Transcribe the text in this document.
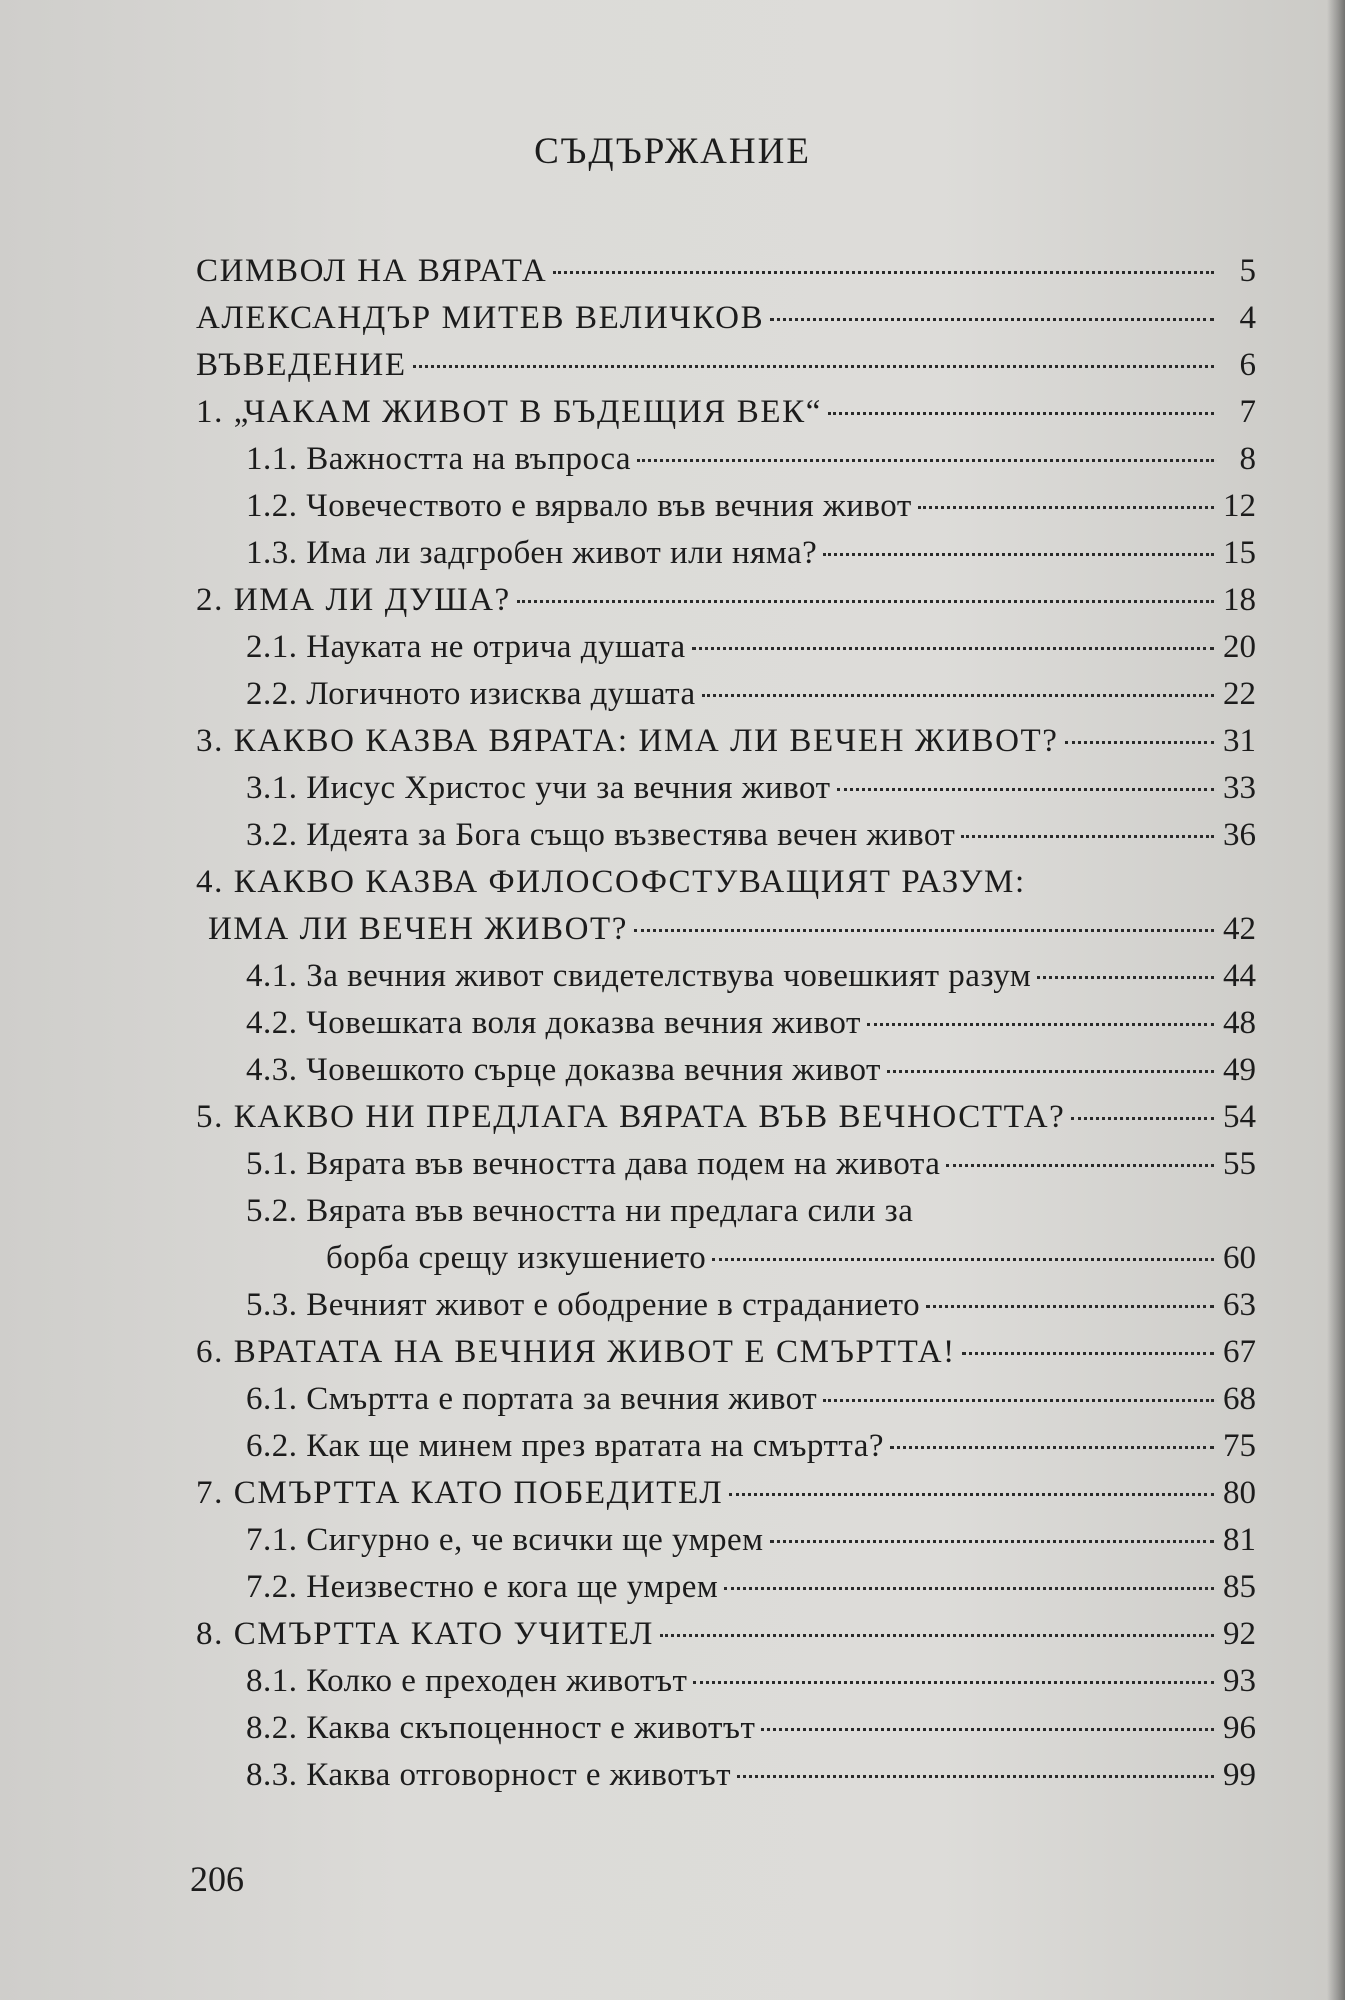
СЪДЪРЖАНИЕ
СИМВОЛ НА ВЯРАТА	5
АЛЕКСАНДЪР МИТЕВ ВЕЛИЧКОВ	4
ВЪВЕДЕНИЕ	6
1. „ЧАКАМ ЖИВОТ В БЪДЕЩИЯ ВЕК“	7
1.1. Важността на въпроса	8
1.2. Човечеството е вярвало във вечния живот	12
1.3. Има ли задгробен живот или няма?	15
2. ИМА ЛИ ДУША?	18
2.1. Науката не отрича душата	20
2.2. Логичното изисква душата	22
3. КАКВО КАЗВА ВЯРАТА: ИМА ЛИ ВЕЧЕН ЖИВОТ?	31
3.1. Иисус Христос учи за вечния живот	33
3.2. Идеята за Бога също възвестява вечен живот	36
4. КАКВО КАЗВА ФИЛОСОФСТУВАЩИЯТ РАЗУМ:
ИМА ЛИ ВЕЧЕН ЖИВОТ?	42
4.1. За вечния живот свидетелствува човешкият разум	44
4.2. Човешката воля доказва вечния живот	48
4.3. Човешкото сърце доказва вечния живот	49
5. КАКВО НИ ПРЕДЛАГА ВЯРАТА ВЪВ ВЕЧНОСТТА?	54
5.1. Вярата във вечността дава подем на живота	55
5.2. Вярата във вечността ни предлага сили за
борба срещу изкушението	60
5.3. Вечният живот е ободрение в страданието	63
6. ВРАТАТА НА ВЕЧНИЯ ЖИВОТ Е СМЪРТТА!	67
6.1. Смъртта е портата за вечния живот	68
6.2. Как ще минем през вратата на смъртта?	75
7. СМЪРТТА КАТО ПОБЕДИТЕЛ	80
7.1. Сигурно е, че всички ще умрем	81
7.2. Неизвестно е кога ще умрем	85
8. СМЪРТТА КАТО УЧИТЕЛ	92
8.1. Колко е преходен животът	93
8.2. Каква скъпоценност е животът	96
8.3. Каква отговорност е животът	99
206
